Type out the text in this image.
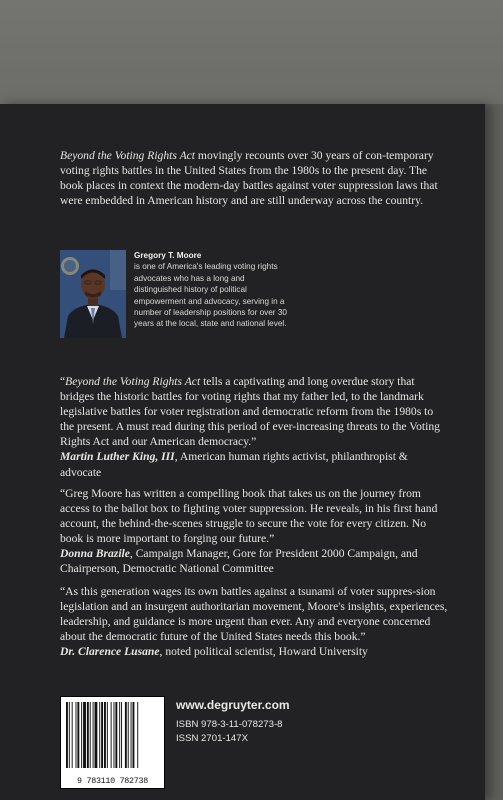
Beyond the Voting Rights Act movingly recounts over 30 years of con-temporary voting rights battles in the United States from the 1980s to the present day. The book places in context the modern-day battles against voter suppression laws that were embedded in American history and are still underway across the country.

Gregory T. Moore
is one of America's leading voting rights advocates who has a long and distinguished history of political empowerment and advocacy, serving in a number of leadership positions for over 30 years at the local, state and national level.

“Beyond the Voting Rights Act tells a captivating and long overdue story that bridges the historic battles for voting rights that my father led, to the landmark legislative battles for voter registration and democratic reform from the 1980s to the present. A must read during this period of ever-increasing threats to the Voting Rights Act and our American democracy.”
Martin Luther King, III, American human rights activist, philanthropist & advocate

“Greg Moore has written a compelling book that takes us on the journey from access to the ballot box to fighting voter suppression. He reveals, in his first hand account, the behind-the-scenes struggle to secure the vote for every citizen. No book is more important to forging our future.”
Donna Brazile, Campaign Manager, Gore for President 2000 Campaign, and Chairperson, Democratic National Committee

“As this generation wages its own battles against a tsunami of voter suppres-sion legislation and an insurgent authoritarian movement, Moore's insights, experiences, leadership, and guidance is more urgent than ever. Any and everyone concerned about the democratic future of the United States needs this book.”
Dr. Clarence Lusane, noted political scientist, Howard University

9 783110 782738
www.degruyter.com
ISBN 978-3-11-078273-8
ISSN 2701-147X
